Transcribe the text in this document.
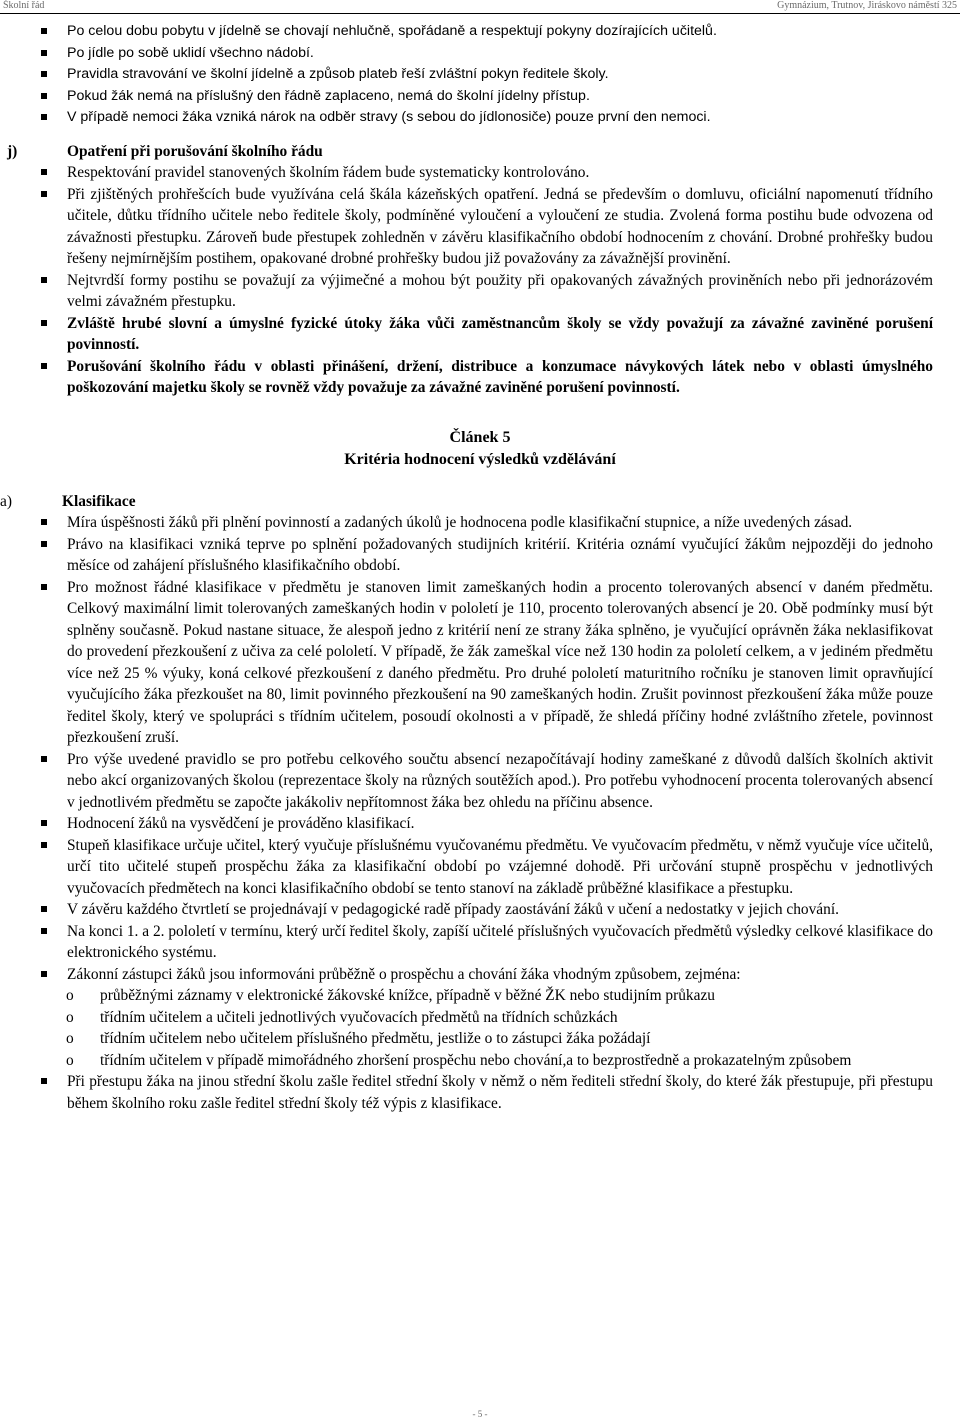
Školní řád	Gymnázium, Trutnov, Jiráskovo náměstí 325
Po celou dobu pobytu v jídelně se chovají nehlučně, spořádaně a respektují pokyny dozírajících učitelů.
Po jídle po sobě uklidí všechno nádobí.
Pravidla stravování ve školní jídelně a způsob plateb řeší zvláštní pokyn ředitele školy.
Pokud žák nemá na příslušný den řádně zaplaceno, nemá do školní jídelny přístup.
V případě nemoci žáka vzniká nárok na odběr stravy (s sebou do jídlonosiče) pouze první den nemoci.
j)	Opatření při porušování školního řádu
Respektování pravidel stanovených školním řádem bude systematicky kontrolováno.
Při zjištěných prohřešcích bude využívána celá škála kázeňských opatření. Jedná se především o domluvu, oficiální napomenutí třídního učitele, důtku třídního učitele nebo ředitele školy, podmíněné vyloučení a vyloučení ze studia. Zvolená forma postihu bude odvozena od závažnosti přestupku. Zároveň bude přestupek zohledněn v závěru klasifikačního období hodnocením z chování. Drobné prohřešky budou řešeny nejmírnějším postihem, opakované drobné prohřešky budou již považovány za závažnější provinění.
Nejtvrdší formy postihu se považují za výjimečné a mohou být použity při opakovaných závažných proviněních nebo při jednorázovém velmi závažném přestupku.
Zvláště hrubé slovní a úmyslné fyzické útoky žáka vůči zaměstnancům školy se vždy považují za závažné zaviněné porušení povinností.
Porušování školního řádu v oblasti přinášení, držení, distribuce a konzumace návykových látek nebo v oblasti úmyslného poškozování majetku školy se rovněž vždy považuje za závažné zaviněné porušení povinností.
Článek 5
Kritéria hodnocení výsledků vzdělávání
a)	Klasifikace
Míra úspěšnosti žáků při plnění povinností a zadaných úkolů je hodnocena podle klasifikační stupnice, a níže uvedených zásad.
Právo na klasifikaci vzniká teprve po splnění požadovaných studijních kritérií. Kritéria oznámí vyučující žákům nejpozději do jednoho měsíce od zahájení příslušného klasifikačního období.
Pro možnost řádné klasifikace v předmětu je stanoven limit zameškaných hodin a procento tolerovaných absencí v daném předmětu. Celkový maximální limit tolerovaných zameškaných hodin v pololetí je 110, procento tolerovaných absencí je 20. Obě podmínky musí být splněny současně. Pokud nastane situace, že alespoň jedno z kritérií není ze strany žáka splněno, je vyučující oprávněn žáka neklasifikovat do provedení přezkoušení z učiva za celé pololetí. V případě, že žák zameškal více než 130 hodin za pololetí celkem, a v jediném předmětu více než 25 % výuky, koná celkové přezkoušení z daného předmětu. Pro druhé pololetí maturitního ročníku je stanoven limit opravňující vyučujícího žáka přezkoušet na 80, limit povinného přezkoušení na 90 zameškaných hodin. Zrušit povinnost přezkoušení žáka může pouze ředitel školy, který ve spolupráci s třídním učitelem, posoudí okolnosti a v případě, že shledá příčiny hodné zvláštního zřetele, povinnost přezkoušení zruší.
Pro výše uvedené pravidlo se pro potřebu celkového součtu absencí nezapočítávají hodiny zameškané z důvodů dalších školních aktivit nebo akcí organizovaných školou (reprezentace školy na různých soutěžích apod.). Pro potřebu vyhodnocení procenta tolerovaných absencí v jednotlivém předmětu se započte jakákoliv nepřítomnost žáka bez ohledu na příčinu absence.
Hodnocení žáků na vysvědčení je prováděno klasifikací.
Stupeň klasifikace určuje učitel, který vyučuje příslušnému vyučovanému předmětu. Ve vyučovacím předmětu, v němž vyučuje více učitelů, určí tito učitelé stupeň prospěchu žáka za klasifikační období po vzájemné dohodě. Při určování stupně prospěchu v jednotlivých vyučovacích předmětech na konci klasifikačního období se tento stanoví na základě průběžné klasifikace a přestupku.
V závěru každého čtvrtletí se projednávají v pedagogické radě případy zaostávání žáků v učení a nedostatky v jejich chování.
Na konci 1. a 2. pololetí v termínu, který určí ředitel školy, zapíší učitelé příslušných vyučovacích předmětů výsledky celkové klasifikace do elektronického systému.
Zákonní zástupci žáků jsou informováni průběžně o prospěchu a chování žáka vhodným způsobem, zejména:
o průběžnými záznamy v elektronické žákovské knížce, případně v běžné ŽK nebo studijním průkazu
o třídním učitelem a učiteli jednotlivých vyučovacích předmětů na třídních schůzkách
o třídním učitelem nebo učitelem příslušného předmětu, jestliže o to zástupci žáka požádají
o třídním učitelem v případě mimořádného zhoršení prospěchu nebo chování,a to bezprostředně a prokazatelným způsobem
Při přestupu žáka na jinou střední školu zašle ředitel střední školy v němž o něm řediteli střední školy, do které žák přestupuje, při přestupu během školního roku zašle ředitel střední školy též výpis z klasifikace.
- 5 -
